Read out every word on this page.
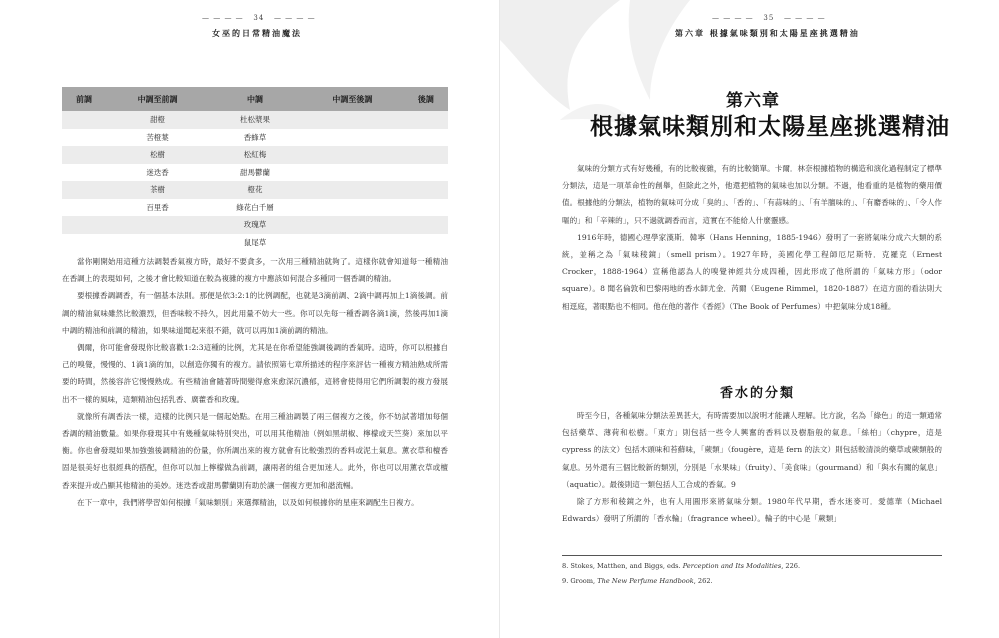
— — — —   34   — — — —
女巫的日常精油魔法
前調	中調至前調	中調	中調至後調	後調
	甜橙	杜松漿果		
	苦橙葉	香蜂草		
	松樹	松紅梅		
	迷迭香	甜馬鬱蘭		
	茶樹	橙花		
	百里香	綠花白千層		
		玫瑰草		
		鼠尾草		

當你剛開始用這種方法調製香氣複方時，最好不要貪多，一次用三種精油就夠了。這樣你就會知道每一種精油在香調上的表現如何，之後才會比較知道在較為複雜的複方中應該如何混合多種同一個香調的精油。

要根據香調調香，有一個基本法則。那便是依3:2:1的比例調配，也就是3滴前調、2滴中調再加上1滴後調。前調的精油氣味雖然比較濃烈，但香味較不持久，因此用量不妨大一些。你可以先每一種香調各滴1滴，然後再加1滴中調的精油和前調的精油，如果味道聞起來很不錯，就可以再加1滴前調的精油。

偶爾，你可能會發現你比較喜歡1:2:3這種的比例，尤其是在你希望能強調後調的香氣時。這時，你可以根據自己的嗅覺，慢慢的、1滴1滴的加，以創造你獨有的複方。請依照第七章所描述的程序來評估一種複方精油熟成所需要的時間，然後容許它慢慢熟成。有些精油會隨著時間變得愈來愈深沉濃郁，這將會使得用它們所調製的複方發展出不一樣的風味，這類精油包括乳香、廣藿香和玫瑰。

就像所有調香法一樣，這樣的比例只是一個起始點。在用三種油調製了兩三個複方之後，你不妨試著增加每個香調的精油數量。如果你發現其中有幾種氣味特別突出，可以用其他精油（例如黑胡椒、檸檬或天竺葵）來加以平衡。你也會發現如果加強強後調精油的份量，你所調出來的複方就會有比較強烈的香料或泥土氣息。薰衣草和檀香固是很美好也很經典的搭配，但你可以加上檸檬做為前調，讓兩者的組合更加迷人。此外，你也可以用薰衣草或檀香來提升或凸顯其他精油的美妙。迷迭香或甜馬鬱蘭則有助於讓一個複方更加和諧流暢。

在下一章中，我們將學習如何根據「氣味類別」來選擇精油，以及如何根據你的星座來調配生日複方。

— — — —   35   — — — —
第六章 根據氣味類別和太陽星座挑選精油
第六章
根據氣味類別和太陽星座挑選精油

氣味的分類方式有好幾種，有的比較複雜，有的比較簡單。卡爾．林奈根據植物的構造和演化過程制定了標準分類法，這是一項革命性的創舉，但除此之外，他還把植物的氣味也加以分類。不過，他看重的是植物的藥用價值。根據他的分類法，植物的氣味可分成「臭的」、「香的」、「有蒜味的」、「有羊膻味的」、「有麝香味的」、「令人作嘔的」和「辛辣的」，只不過就調香而言，這實在不能給人什麼靈感。

1916年時，德國心理學家漢斯．韓寧（Hans Henning，1885-1946）發明了一套將氣味分成六大類的系統，並稱之為「氣味稜鏡」（smell prism）。1927年時，美國化學工程師厄尼斯特．克羅克（Ernest Crocker，1888-1964）宣稱他認為人的嗅覺神經共分成四種，因此形成了他所謂的「氣味方形」（odor square）。8 聞名倫敦和巴黎兩地的香水師尤金．芮爾（Eugene Rimmel，1820-1887）在這方面的看法則大相逕庭，著眼點也不相同。他在他的著作《香經》（The Book of Perfumes）中把氣味分成18種。

香水的分類

時至今日，各種氣味分類法差異甚大，有時需要加以說明才能讓人理解。比方說，名為「綠色」的這一類通常包括藥草、薄荷和松樹。「東方」則包括一些令人興奮的香料以及樹脂般的氣息。「絲柏」（chypre，這是 cypress 的法文）包括木頭味和苔蘚味，「蕨類」（fougère，這是 fern 的法文）則包括較清淡的藥草或蕨類般的氣息。另外還有三個比較新的類別，分別是「水果味」（fruity）、「美食味」（gourmand）和「與水有關的氣息」（aquatic）。最後則這一類包括人工合成的香氣。9

除了方形和稜鏡之外，也有人用圓形來將氣味分類。1980年代早期，香水迷麥可．愛德華（Michael Edwards）發明了所謂的「香水輪」（fragrance wheel）。輪子的中心是「蕨類」

8. Stokes, Matthen, and Biggs, eds. Perception and Its Modalities, 226.
9. Groom, The New Perfume Handbook, 262.
